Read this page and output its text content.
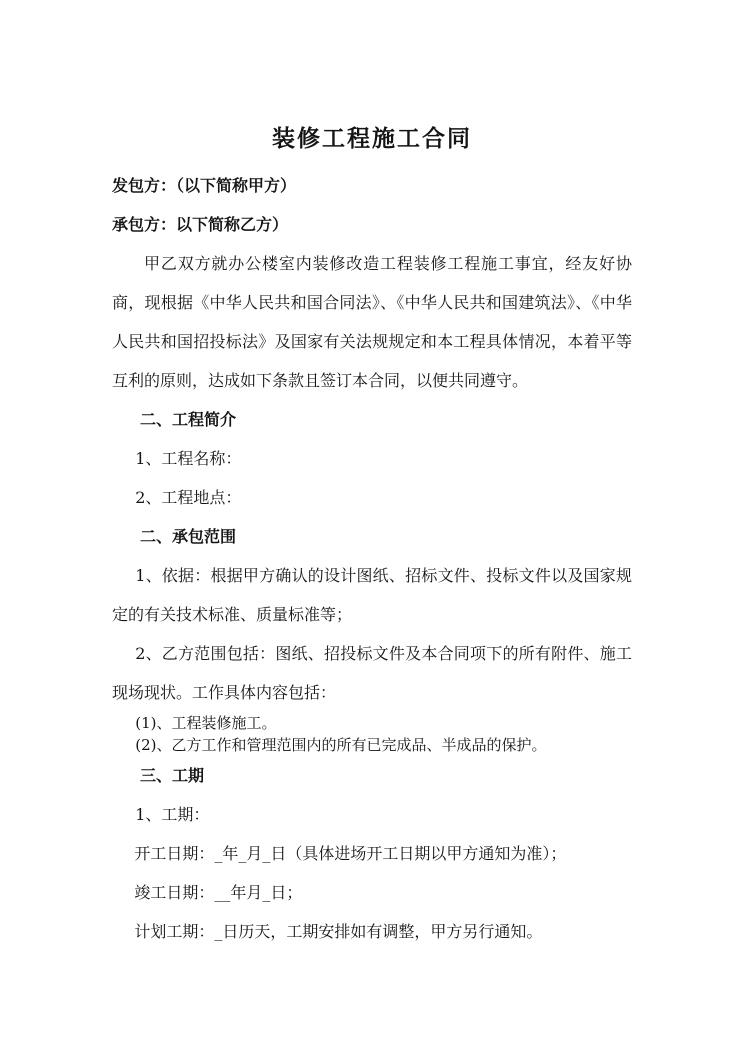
装修工程施工合同

发包方：（以下简称甲方）

承包方：以下简称乙方）

甲乙双方就办公楼室内装修改造工程装修工程施工事宜，经友好协商，现根据《中华人民共和国合同法》、《中华人民共和国建筑法》、《中华人民共和国招投标法》及国家有关法规规定和本工程具体情况，本着平等互利的原则，达成如下条款且签订本合同，以便共同遵守。

二、工程简介

1、工程名称：

2、工程地点：

二、承包范围

1、依据：根据甲方确认的设计图纸、招标文件、投标文件以及国家规定的有关技术标准、质量标准等；

2、乙方范围包括：图纸、招投标文件及本合同项下的所有附件、施工现场现状。工作具体内容包括：

(1)、工程装修施工。

(2)、乙方工作和管理范围内的所有已完成品、半成品的保护。

三、工期

1、工期：

开工日期：_年_月_日（具体进场开工日期以甲方通知为准）；

竣工日期：__年月_日；

计划工期：_日历天，工期安排如有调整，甲方另行通知。
